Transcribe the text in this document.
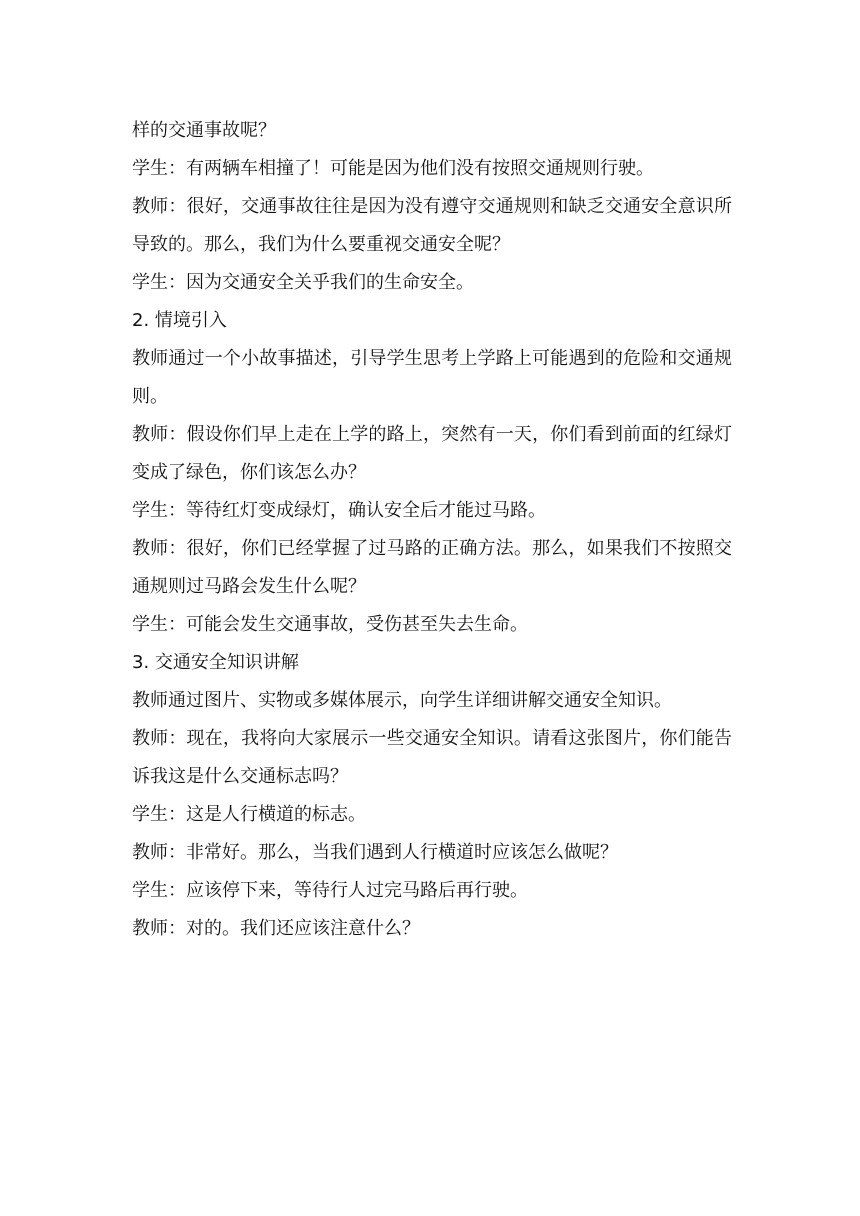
样的交通事故呢？

学生：有两辆车相撞了！可能是因为他们没有按照交通规则行驶。

教师：很好，交通事故往往是因为没有遵守交通规则和缺乏交通安全意识所导致的。那么，我们为什么要重视交通安全呢？

学生：因为交通安全关乎我们的生命安全。

2. 情境引入

教师通过一个小故事描述，引导学生思考上学路上可能遇到的危险和交通规则。

教师：假设你们早上走在上学的路上，突然有一天，你们看到前面的红绿灯变成了绿色，你们该怎么办？

学生：等待红灯变成绿灯，确认安全后才能过马路。

教师：很好，你们已经掌握了过马路的正确方法。那么，如果我们不按照交通规则过马路会发生什么呢？

学生：可能会发生交通事故，受伤甚至失去生命。

3. 交通安全知识讲解

教师通过图片、实物或多媒体展示，向学生详细讲解交通安全知识。

教师：现在，我将向大家展示一些交通安全知识。请看这张图片，你们能告诉我这是什么交通标志吗？

学生：这是人行横道的标志。

教师：非常好。那么，当我们遇到人行横道时应该怎么做呢？

学生：应该停下来，等待行人过完马路后再行驶。

教师：对的。我们还应该注意什么？
